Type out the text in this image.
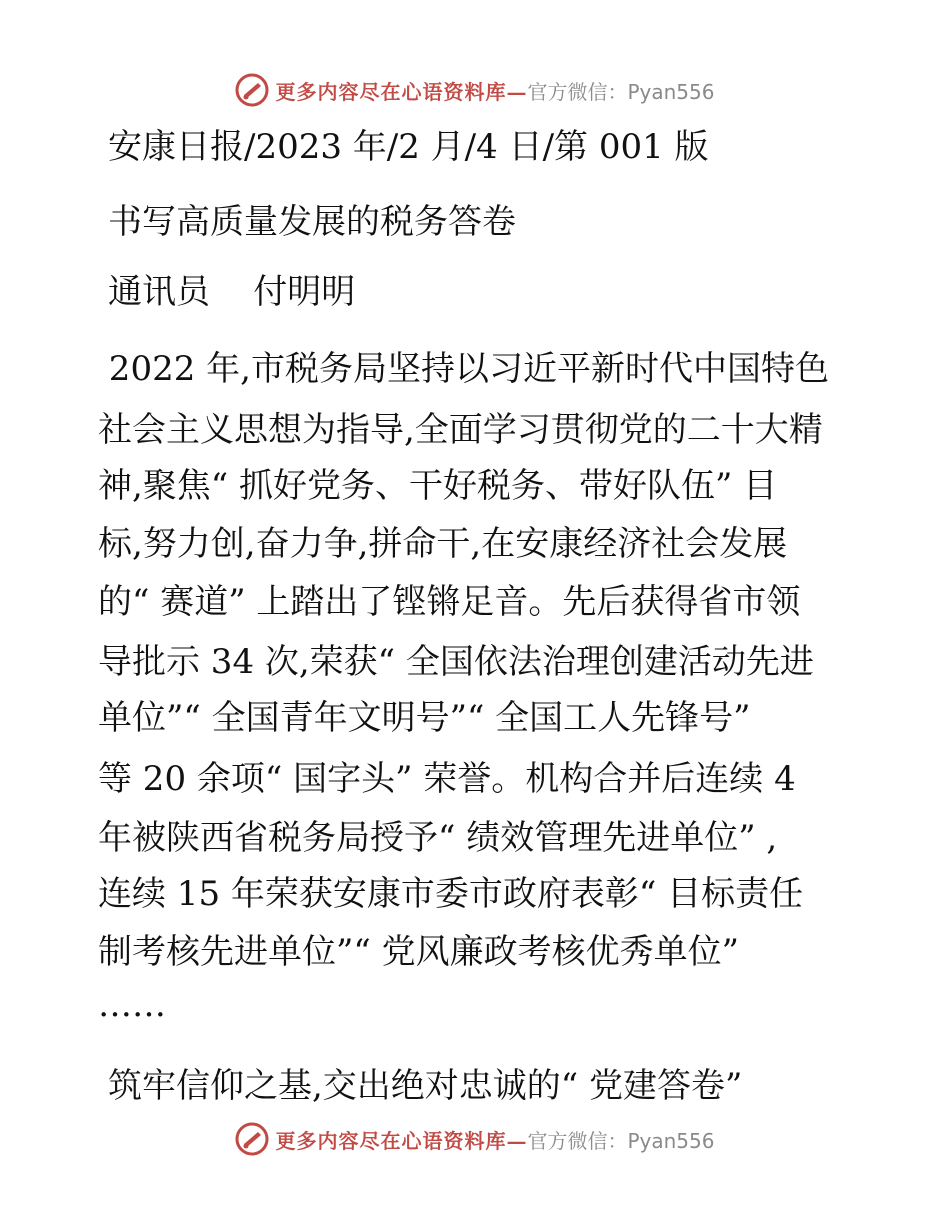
更多内容尽在心语资料库— 官方微信：Pyan556
安康日报/2023 年/2 月/4 日/第 001 版
书写高质量发展的税务答卷
通讯员    付明明
2022 年,市税务局坚持以习近平新时代中国特色
社会主义思想为指导,全面学习贯彻党的二十大精
神,聚焦“ 抓好党务、干好税务、带好队伍” 目
标,努力创,奋力争,拼命干,在安康经济社会发展
的“ 赛道” 上踏出了铿锵足音。先后获得省市领
导批示 34 次,荣获“ 全国依法治理创建活动先进
单位”“ 全国青年文明号”“ 全国工人先锋号”
等 20 余项“ 国字头” 荣誉。机构合并后连续 4
年被陕西省税务局授予“ 绩效管理先进单位” ,
连续 15 年荣获安康市委市政府表彰“ 目标责任
制考核先进单位”“ 党风廉政考核优秀单位”
……
筑牢信仰之基,交出绝对忠诚的“ 党建答卷”
更多内容尽在心语资料库— 官方微信：Pyan556
